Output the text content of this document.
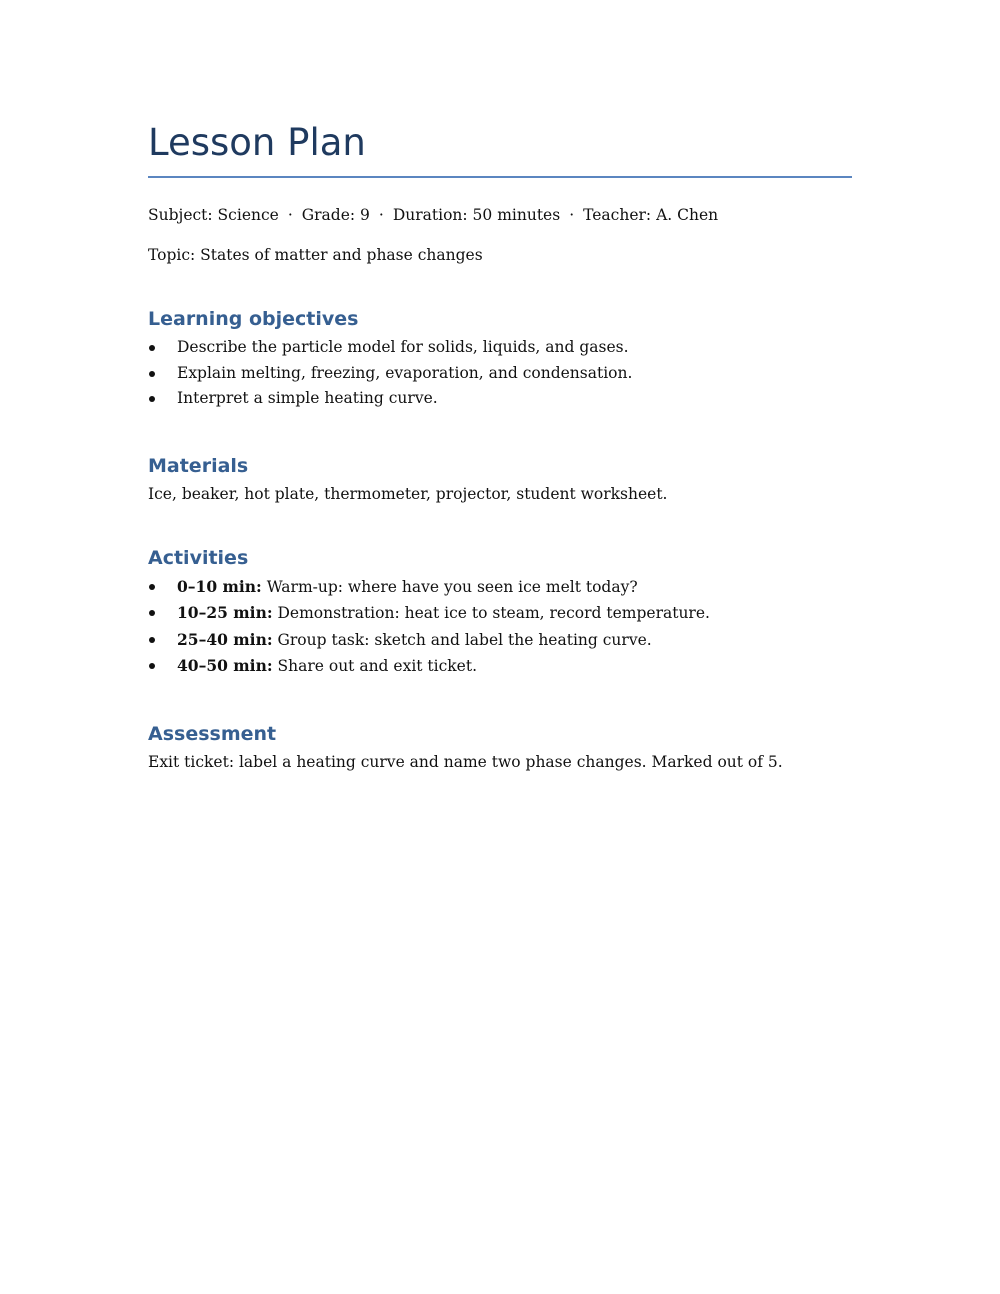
Lesson Plan
Subject: Science · Grade: 9 · Duration: 50 minutes · Teacher: A. Chen
Topic: States of matter and phase changes
Learning objectives
Describe the particle model for solids, liquids, and gases.
Explain melting, freezing, evaporation, and condensation.
Interpret a simple heating curve.
Materials
Ice, beaker, hot plate, thermometer, projector, student worksheet.
Activities
0–10 min: Warm-up: where have you seen ice melt today?
10–25 min: Demonstration: heat ice to steam, record temperature.
25–40 min: Group task: sketch and label the heating curve.
40–50 min: Share out and exit ticket.
Assessment
Exit ticket: label a heating curve and name two phase changes. Marked out of 5.
